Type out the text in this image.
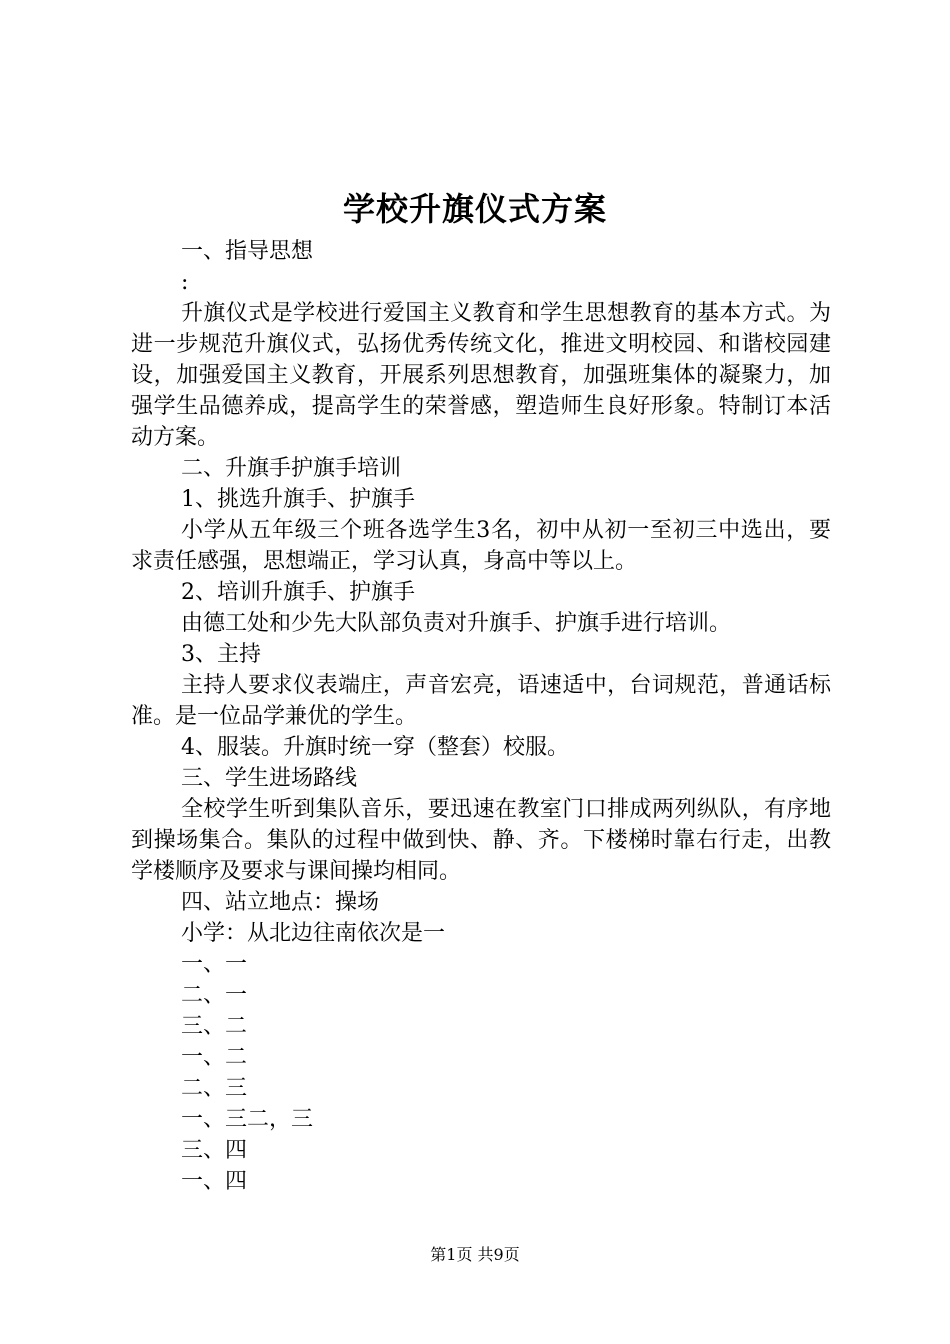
学校升旗仪式方案

一、指导思想

:

升旗仪式是学校进行爱国主义教育和学生思想教育的基本方式。为进一步规范升旗仪式，弘扬优秀传统文化，推进文明校园、和谐校园建设，加强爱国主义教育，开展系列思想教育，加强班集体的凝聚力，加强学生品德养成，提高学生的荣誉感，塑造师生良好形象。特制订本活动方案。

二、升旗手护旗手培训

1、挑选升旗手、护旗手

小学从五年级三个班各选学生3名，初中从初一至初三中选出，要求责任感强，思想端正，学习认真，身高中等以上。

2、培训升旗手、护旗手

由德工处和少先大队部负责对升旗手、护旗手进行培训。

3、主持

主持人要求仪表端庄，声音宏亮，语速适中，台词规范，普通话标准。是一位品学兼优的学生。

4、服装。升旗时统一穿（整套）校服。

三、学生进场路线

全校学生听到集队音乐，要迅速在教室门口排成两列纵队，有序地到操场集合。集队的过程中做到快、静、齐。下楼梯时靠右行走，出教学楼顺序及要求与课间操均相同。

四、站立地点：操场

小学：从北边往南依次是一

一、一

二、一

三、二

一、二

二、三

一、三二，三

三、四

一、四

第1页 共9页
